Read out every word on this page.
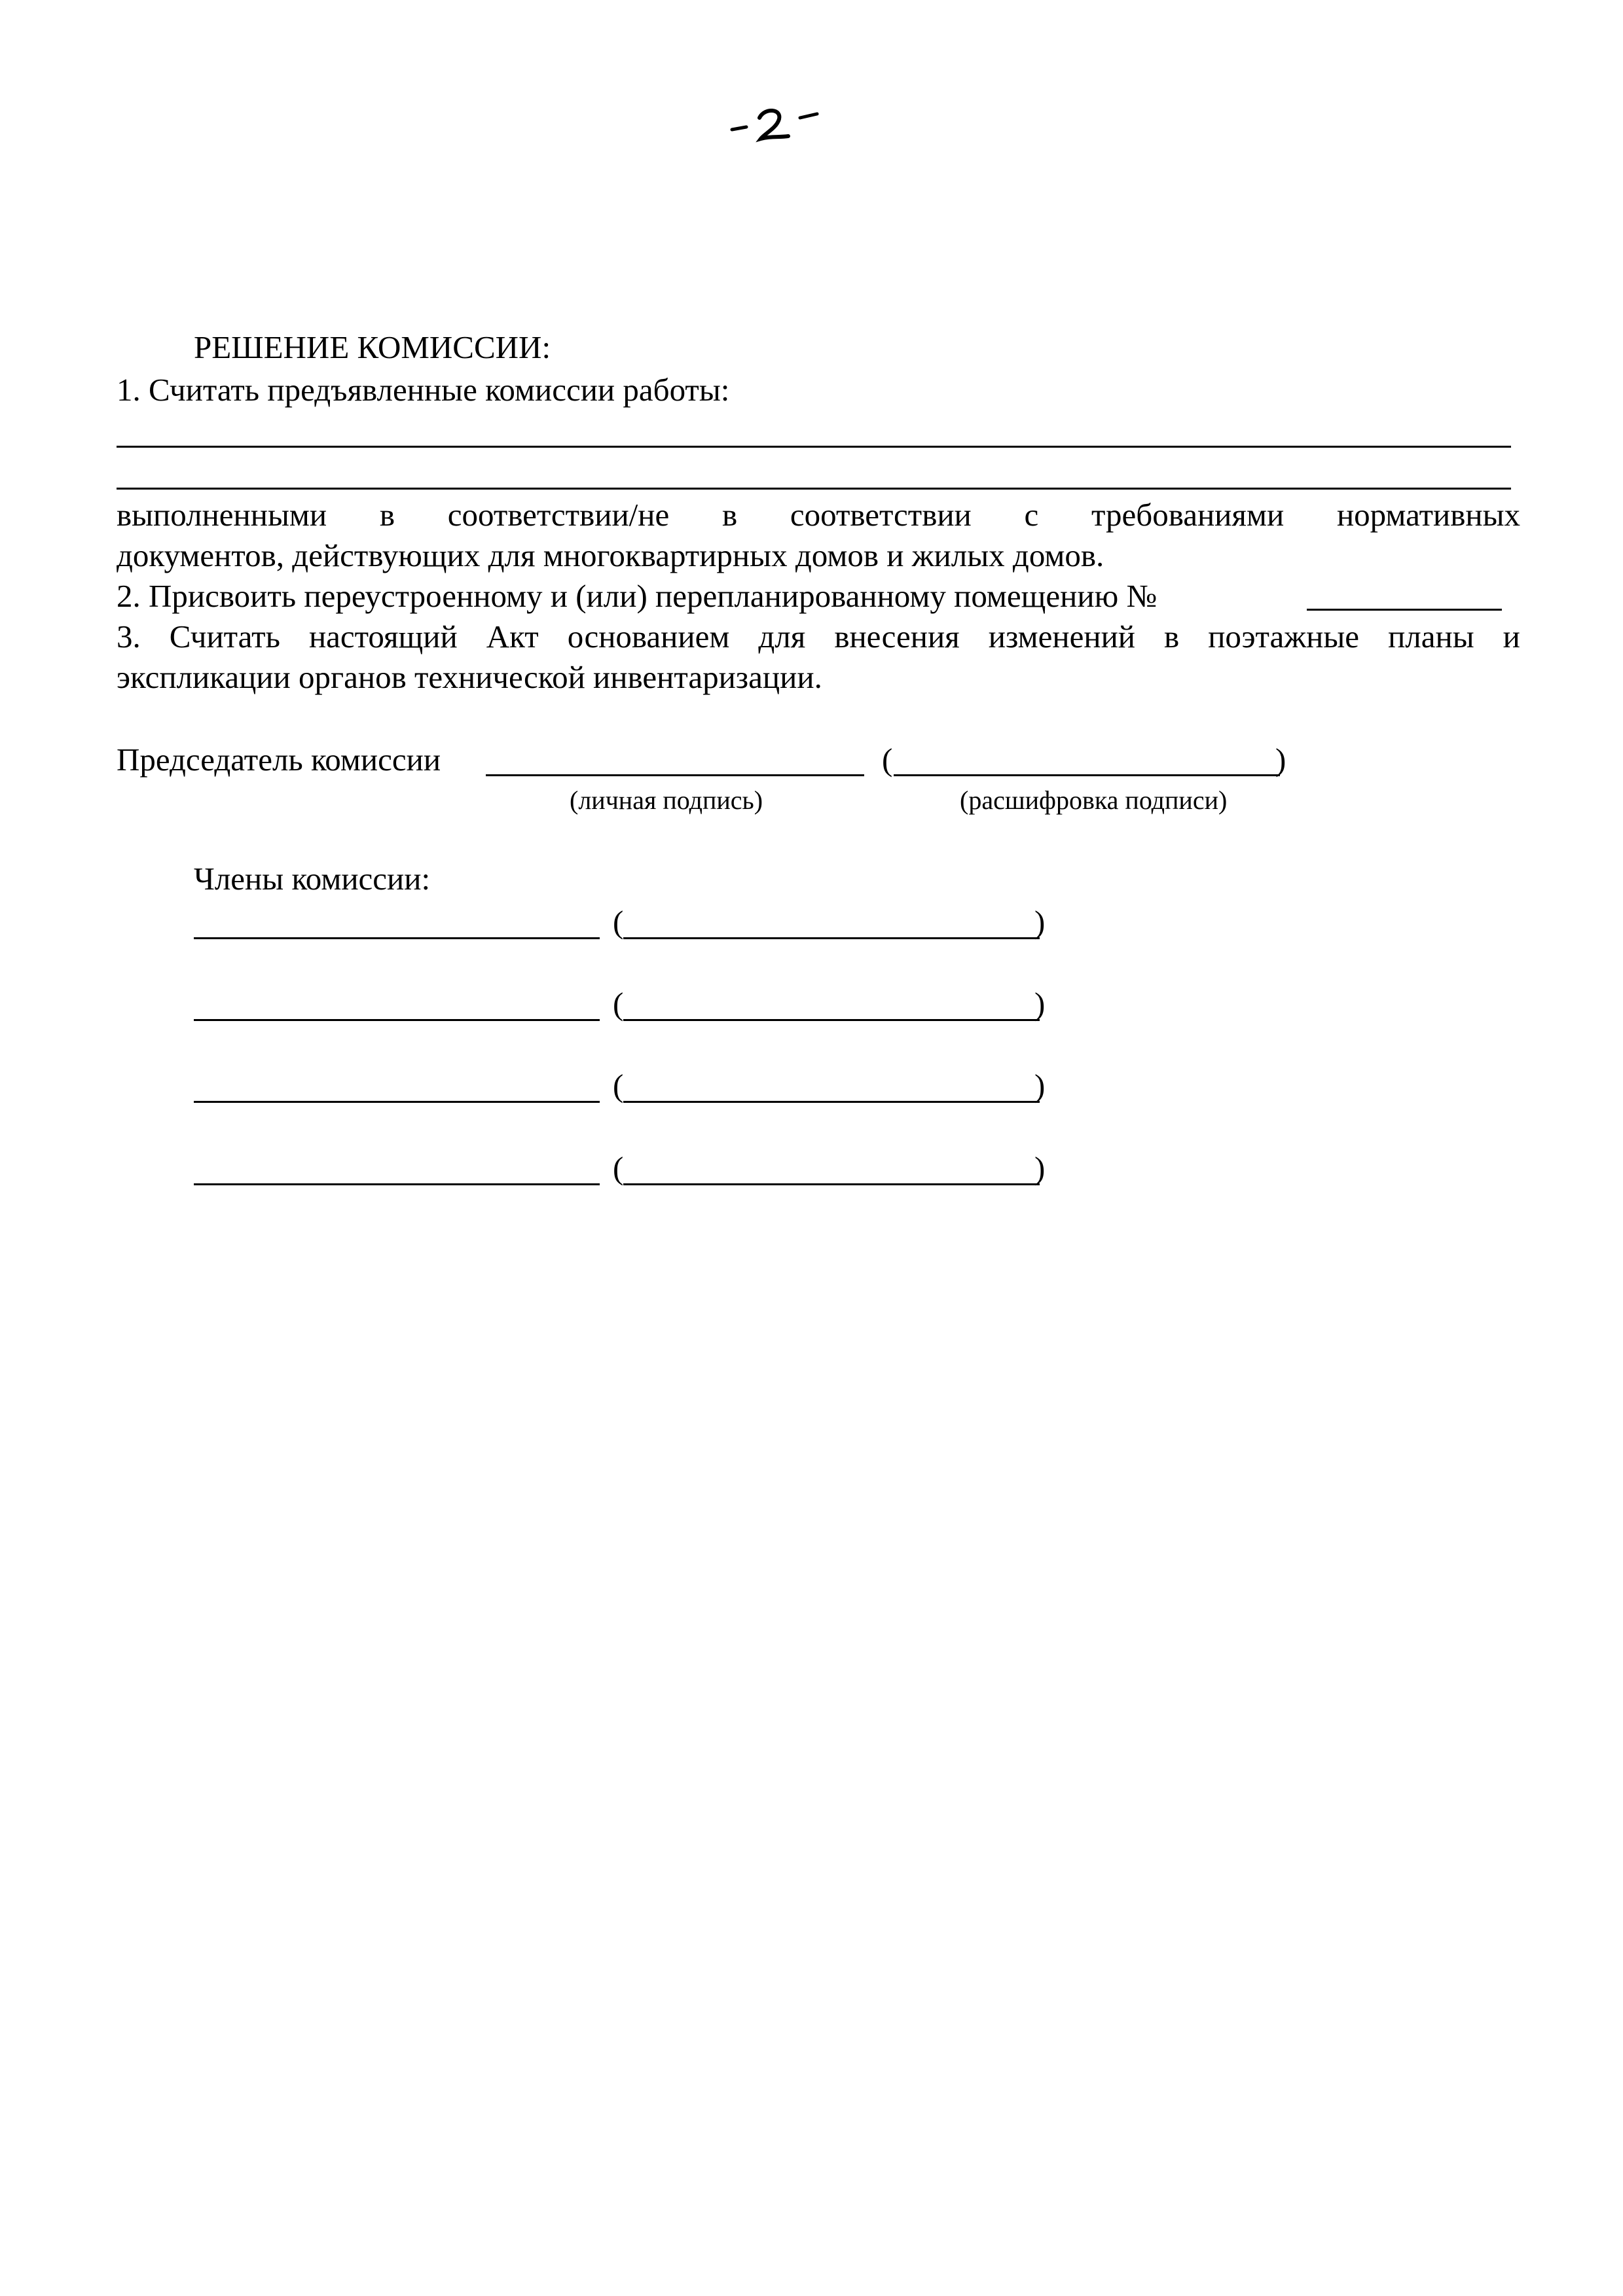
РЕШЕНИЕ КОМИССИИ:
1. Считать предъявленные комиссии работы:
выполненными в соответствии/не в соответствии с требованиями нормативных
документов, действующих для многоквартирных домов и жилых домов.
2. Присвоить переустроенному и (или) перепланированному помещению №
3. Считать настоящий Акт основанием для внесения изменений в поэтажные планы и
экспликации органов технической инвентаризации.
Председатель комиссии	(	)
(личная подпись)	(расшифровка подписи)
Члены комиссии:
(	)
(	)
(	)
(	)
